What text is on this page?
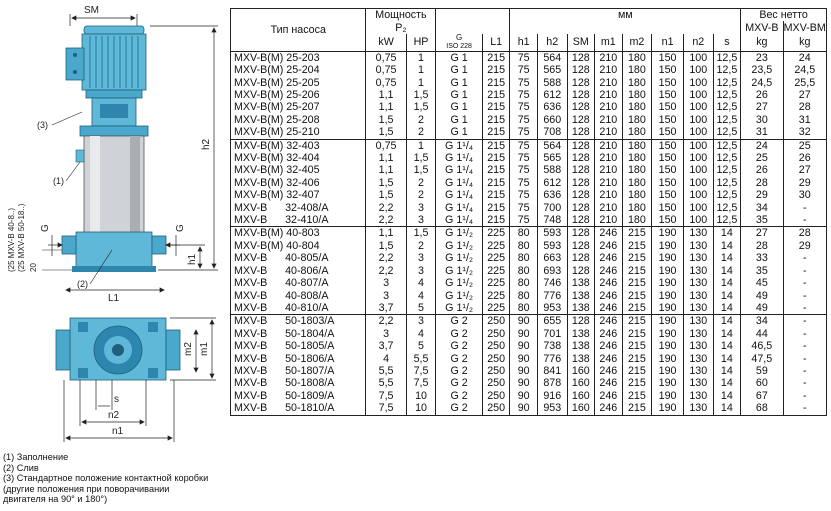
SM
h2
h1
G	G
(25 MXV-B 40-8..) (25 MXV-B 50-18..) 20
(3)
(1)
(2)
L1
m1
m2
s
n2
n1
(1) Заполнение
(2) Слив
(3) Стандартное положение контактной коробки
(другие положения при поворачивании
двигателя на 90° и 180°)
Тип насоса	Мощность				мм								Вес нетто	
	P₂												MXV-B	MXV-BM
	kW	HP	G
ISO 228	L1	h1	h2	SM	m1	m2	n1	n2	s	kg	kg
MXV-B(M) 25-203	0,75	1	G 1	215	75	564	128	210	180	150	100	12,5	23	24
MXV-B(M) 25-204	0,75	1	G 1	215	75	565	128	210	180	150	100	12,5	23,5	24,5
MXV-B(M) 25-205	0,75	1	G 1	215	75	588	128	210	180	150	100	12,5	24,5	25,5
MXV-B(M) 25-206	1,1	1,5	G 1	215	75	612	128	210	180	150	100	12,5	26	27
MXV-B(M) 25-207	1,1	1,5	G 1	215	75	636	128	210	180	150	100	12,5	27	28
MXV-B(M) 25-208	1,5	2	G 1	215	75	660	128	210	180	150	100	12,5	30	31
MXV-B(M) 25-210	1,5	2	G 1	215	75	708	128	210	180	150	100	12,5	31	32
MXV-B(M) 32-403	0,75	1	G 1¹/₄	215	75	564	128	210	180	150	100	12,5	24	25
MXV-B(M) 32-404	1,1	1,5	G 1¹/₄	215	75	565	128	210	180	150	100	12,5	25	26
MXV-B(M) 32-405	1,1	1,5	G 1¹/₄	215	75	588	128	210	180	150	100	12,5	26	27
MXV-B(M) 32-406	1,5	2	G 1¹/₄	215	75	612	128	210	180	150	100	12,5	28	29
MXV-B(M) 32-407	1,5	2	G 1¹/₄	215	75	636	128	210	180	150	100	12,5	29	30
MXV-B      32-408/A	2,2	3	G 1¹/₄	215	75	700	128	210	180	150	100	12,5	34	-
MXV-B      32-410/A	2,2	3	G 1¹/₄	215	75	748	128	210	180	150	100	12,5	35	-
MXV-B(M) 40-803	1,1	1,5	G 1¹/₂	225	80	593	128	246	215	190	130	14	27	28
MXV-B(M) 40-804	1,5	2	G 1¹/₂	225	80	593	128	246	215	190	130	14	28	29
MXV-B      40-805/A	2,2	3	G 1¹/₂	225	80	663	128	246	215	190	130	14	33	-
MXV-B      40-806/A	2,2	3	G 1¹/₂	225	80	693	128	246	215	190	130	14	35	-
MXV-B      40-807/A	3	4	G 1¹/₂	225	80	746	138	246	215	190	130	14	45	-
MXV-B      40-808/A	3	4	G 1¹/₂	225	80	776	138	246	215	190	130	14	49	-
MXV-B      40-810/A	3,7	5	G 1¹/₂	225	80	953	138	246	215	190	130	14	49	-
MXV-B      50-1803/A	2,2	3	G 2	250	90	655	128	246	215	190	130	14	34	-
MXV-B      50-1804/A	3	4	G 2	250	90	701	138	246	215	190	130	14	44	-
MXV-B      50-1805/A	3,7	5	G 2	250	90	738	138	246	215	190	130	14	46,5	-
MXV-B      50-1806/A	4	5,5	G 2	250	90	776	138	246	215	190	130	14	47,5	-
MXV-B      50-1807/A	5,5	7,5	G 2	250	90	841	160	246	215	190	130	14	59	-
MXV-B      50-1808/A	5,5	7,5	G 2	250	90	878	160	246	215	190	130	14	60	-
MXV-B      50-1809/A	7,5	10	G 2	250	90	916	160	246	215	190	130	14	67	-
MXV-B      50-1810/A	7,5	10	G 2	250	90	953	160	246	215	190	130	14	68	-
